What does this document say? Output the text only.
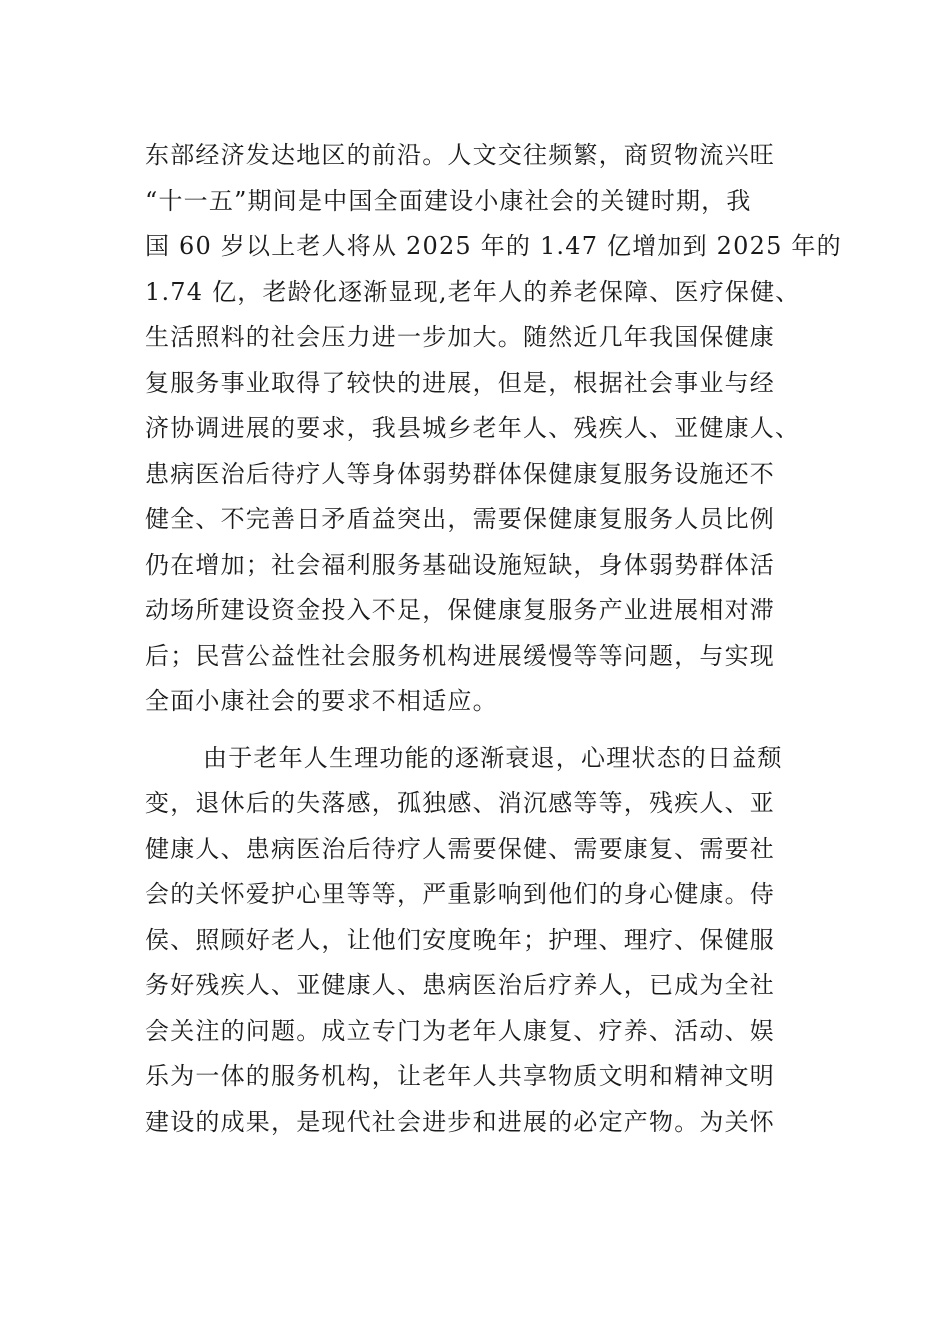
东部经济发达地区的前沿。人文交往频繁，商贸物流兴旺
“十一五”期间是中国全面建设小康社会的关键时期，我
国 60 岁以上老人将从 2025 年的 1.47 亿增加到 2025 年的
1.74 亿，老龄化逐渐显现,老年人的养老保障、医疗保健、
生活照料的社会压力进一步加大。随然近几年我国保健康
复服务事业取得了较快的进展，但是，根据社会事业与经
济协调进展的要求，我县城乡老年人、残疾人、亚健康人、
患病医治后待疗人等身体弱势群体保健康复服务设施还不
健全、不完善日矛盾益突出，需要保健康复服务人员比例
仍在增加；社会福利服务基础设施短缺，身体弱势群体活
动场所建设资金投入不足，保健康复服务产业进展相对滞
后；民营公益性社会服务机构进展缓慢等等问题，与实现
全面小康社会的要求不相适应。
由于老年人生理功能的逐渐衰退，心理状态的日益颓
变，退休后的失落感，孤独感、消沉感等等，残疾人、亚
健康人、患病医治后待疗人需要保健、需要康复、需要社
会的关怀爱护心里等等，严重影响到他们的身心健康。侍
侯、照顾好老人，让他们安度晚年；护理、理疗、保健服
务好残疾人、亚健康人、患病医治后疗养人，已成为全社
会关注的问题。成立专门为老年人康复、疗养、活动、娱
乐为一体的服务机构，让老年人共享物质文明和精神文明
建设的成果，是现代社会进步和进展的必定产物。为关怀
